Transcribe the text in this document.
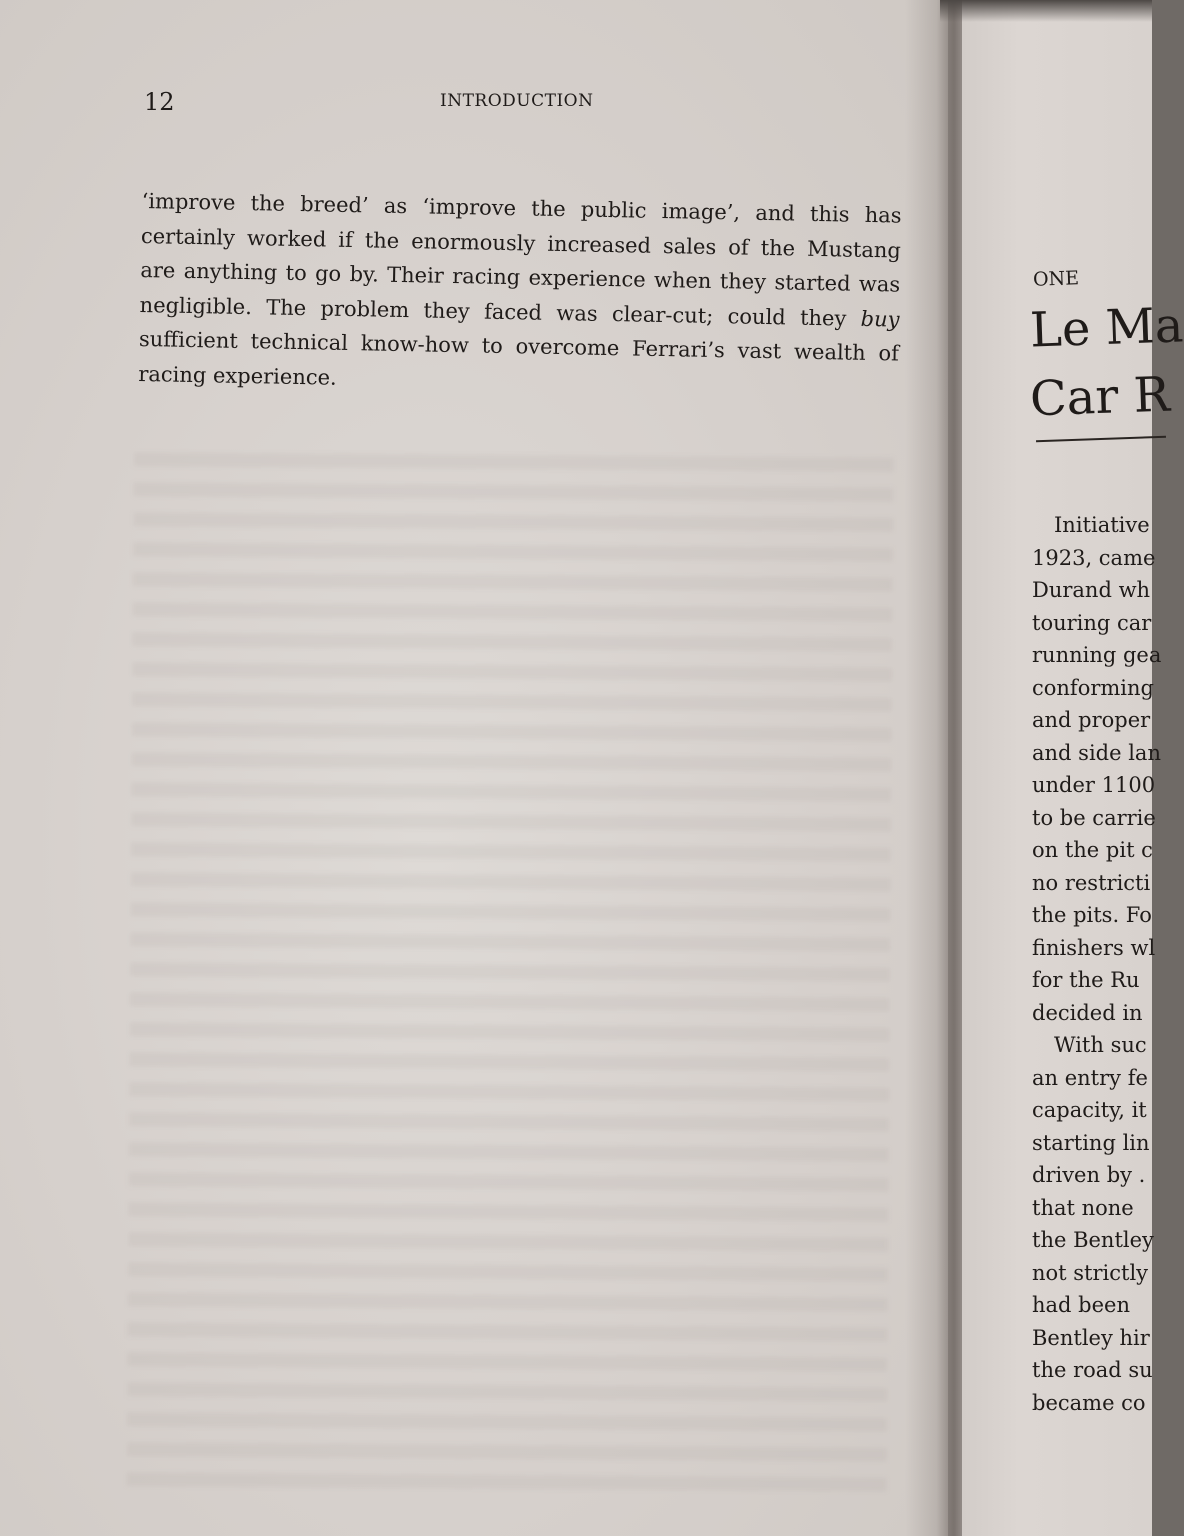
12	INTRODUCTION
‘improve the breed’ as ‘improve the public image’, and this has
certainly worked if the enormously increased sales of the Mustang
are anything to go by. Their racing experience when they started was
negligible. The problem they faced was clear-cut; could they buy
sufficient technical know-how to overcome Ferrari’s vast wealth of
racing experience.
ONE
Le Ma
Car R
Initiative
1923, came
Durand wh
touring car
running gea
conforming
and proper
and side lan
under 1100
to be carrie
on the pit c
no restricti
the pits. Fo
finishers wl
for the Ru
decided in
With suc
an entry fe
capacity, it
starting lin
driven by .
that none
the Bentley
not strictly
had been
Bentley hir
the road su
became co
